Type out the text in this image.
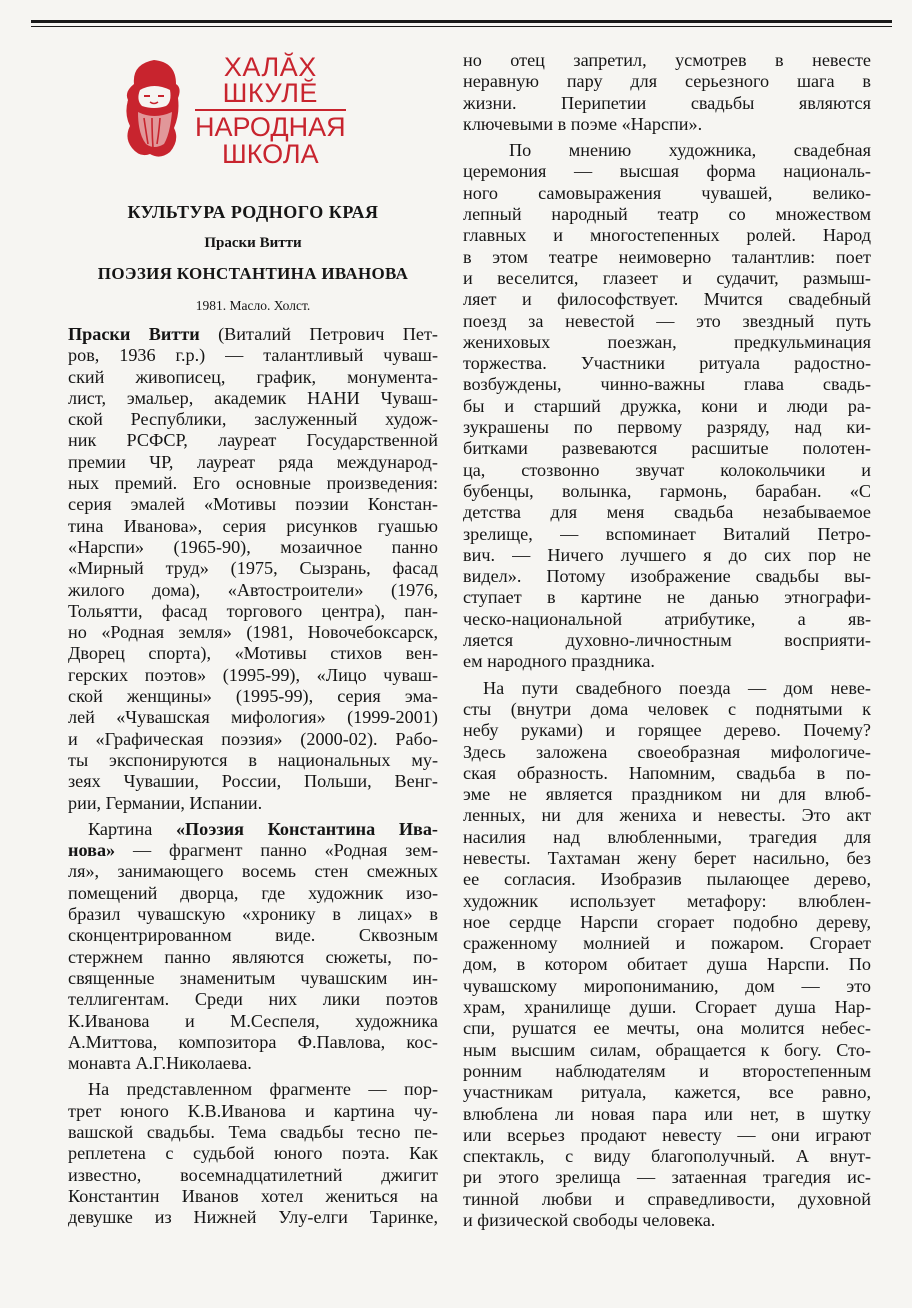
ХАЛĂХ
ШКУЛĔ
НАРОДНАЯ
ШКОЛА
КУЛЬТУРА РОДНОГО КРАЯ
Праски Витти
ПОЭЗИЯ КОНСТАНТИНА ИВАНОВА
1981. Масло. Холст.
Праски Витти (Виталий Петрович Пет-
ров, 1936 г.р.) — талантливый чуваш-
ский живописец, график, монумента-
лист, эмальер, академик НАНИ Чуваш-
ской Республики, заслуженный худож-
ник РСФСР, лауреат Государственной
премии ЧР, лауреат ряда международ-
ных премий. Его основные произведения:
серия эмалей «Мотивы поэзии Констан-
тина Иванова», серия рисунков гуашью
«Нарспи» (1965-90), мозаичное панно
«Мирный труд» (1975, Сызрань, фасад
жилого дома), «Автостроители» (1976,
Тольятти, фасад торгового центра), пан-
но «Родная земля» (1981, Новочебоксарск,
Дворец спорта), «Мотивы стихов вен-
герских поэтов» (1995-99), «Лицо чуваш-
ской женщины» (1995-99), серия эма-
лей «Чувашская мифология» (1999-2001)
и «Графическая поэзия» (2000-02). Рабо-
ты экспонируются в национальных му-
зеях Чувашии, России, Польши, Венг-
рии, Германии, Испании.
Картина «Поэзия Константина Ива-
нова» — фрагмент панно «Родная зем-
ля», занимающего восемь стен смежных
помещений дворца, где художник изо-
бразил чувашскую «хронику в лицах» в
сконцентрированном виде. Сквозным
стержнем панно являются сюжеты, по-
священные знаменитым чувашским ин-
теллигентам. Среди них лики поэтов
К.Иванова и М.Сеспеля, художника
А.Миттова, композитора Ф.Павлова, кос-
монавта А.Г.Николаева.
На представленном фрагменте — пор-
трет юного К.В.Иванова и картина чу-
вашской свадьбы. Тема свадьбы тесно пе-
реплетена с судьбой юного поэта. Как
известно, восемнадцатилетний джигит
Константин Иванов хотел жениться на
девушке из Нижней Улу-елги Таринке,
но отец запретил, усмотрев в невесте
неравную пару для серьезного шага в
жизни. Перипетии свадьбы являются
ключевыми в поэме «Нарспи».
По мнению художника, свадебная
церемония — высшая форма националь-
ного самовыражения чувашей, велико-
лепный народный театр со множеством
главных и многостепенных ролей. Народ
в этом театре неимоверно талантлив: поет
и веселится, глазеет и судачит, размыш-
ляет и философствует. Мчится свадебный
поезд за невестой — это звездный путь
жениховых поезжан, предкульминация
торжества. Участники ритуала радостно-
возбуждены, чинно-важны глава свадь-
бы и старший дружка, кони и люди ра-
зукрашены по первому разряду, над ки-
битками развеваются расшитые полотен-
ца, стозвонно звучат колокольчики и
бубенцы, волынка, гармонь, барабан. «С
детства для меня свадьба незабываемое
зрелище, — вспоминает Виталий Петро-
вич. — Ничего лучшего я до сих пор не
видел». Потому изображение свадьбы вы-
ступает в картине не данью этнографи-
ческо-национальной атрибутике, а яв-
ляется духовно-личностным восприяти-
ем народного праздника.
На пути свадебного поезда — дом неве-
сты (внутри дома человек с поднятыми к
небу руками) и горящее дерево. Почему?
Здесь заложена своеобразная мифологиче-
ская образность. Напомним, свадьба в по-
эме не является праздником ни для влюб-
ленных, ни для жениха и невесты. Это акт
насилия над влюбленными, трагедия для
невесты. Тахтаман жену берет насильно, без
ее согласия. Изобразив пылающее дерево,
художник использует метафору: влюблен-
ное сердце Нарспи сгорает подобно дереву,
сраженному молнией и пожаром. Сгорает
дом, в котором обитает душа Нарспи. По
чувашскому миропониманию, дом — это
храм, хранилище души. Сгорает душа Нар-
спи, рушатся ее мечты, она молится небес-
ным высшим силам, обращается к богу. Сто-
ронним наблюдателям и второстепенным
участникам ритуала, кажется, все равно,
влюблена ли новая пара или нет, в шутку
или всерьез продают невесту — они играют
спектакль, с виду благополучный. А внут-
ри этого зрелища — затаенная трагедия ис-
тинной любви и справедливости, духовной
и физической свободы человека.
